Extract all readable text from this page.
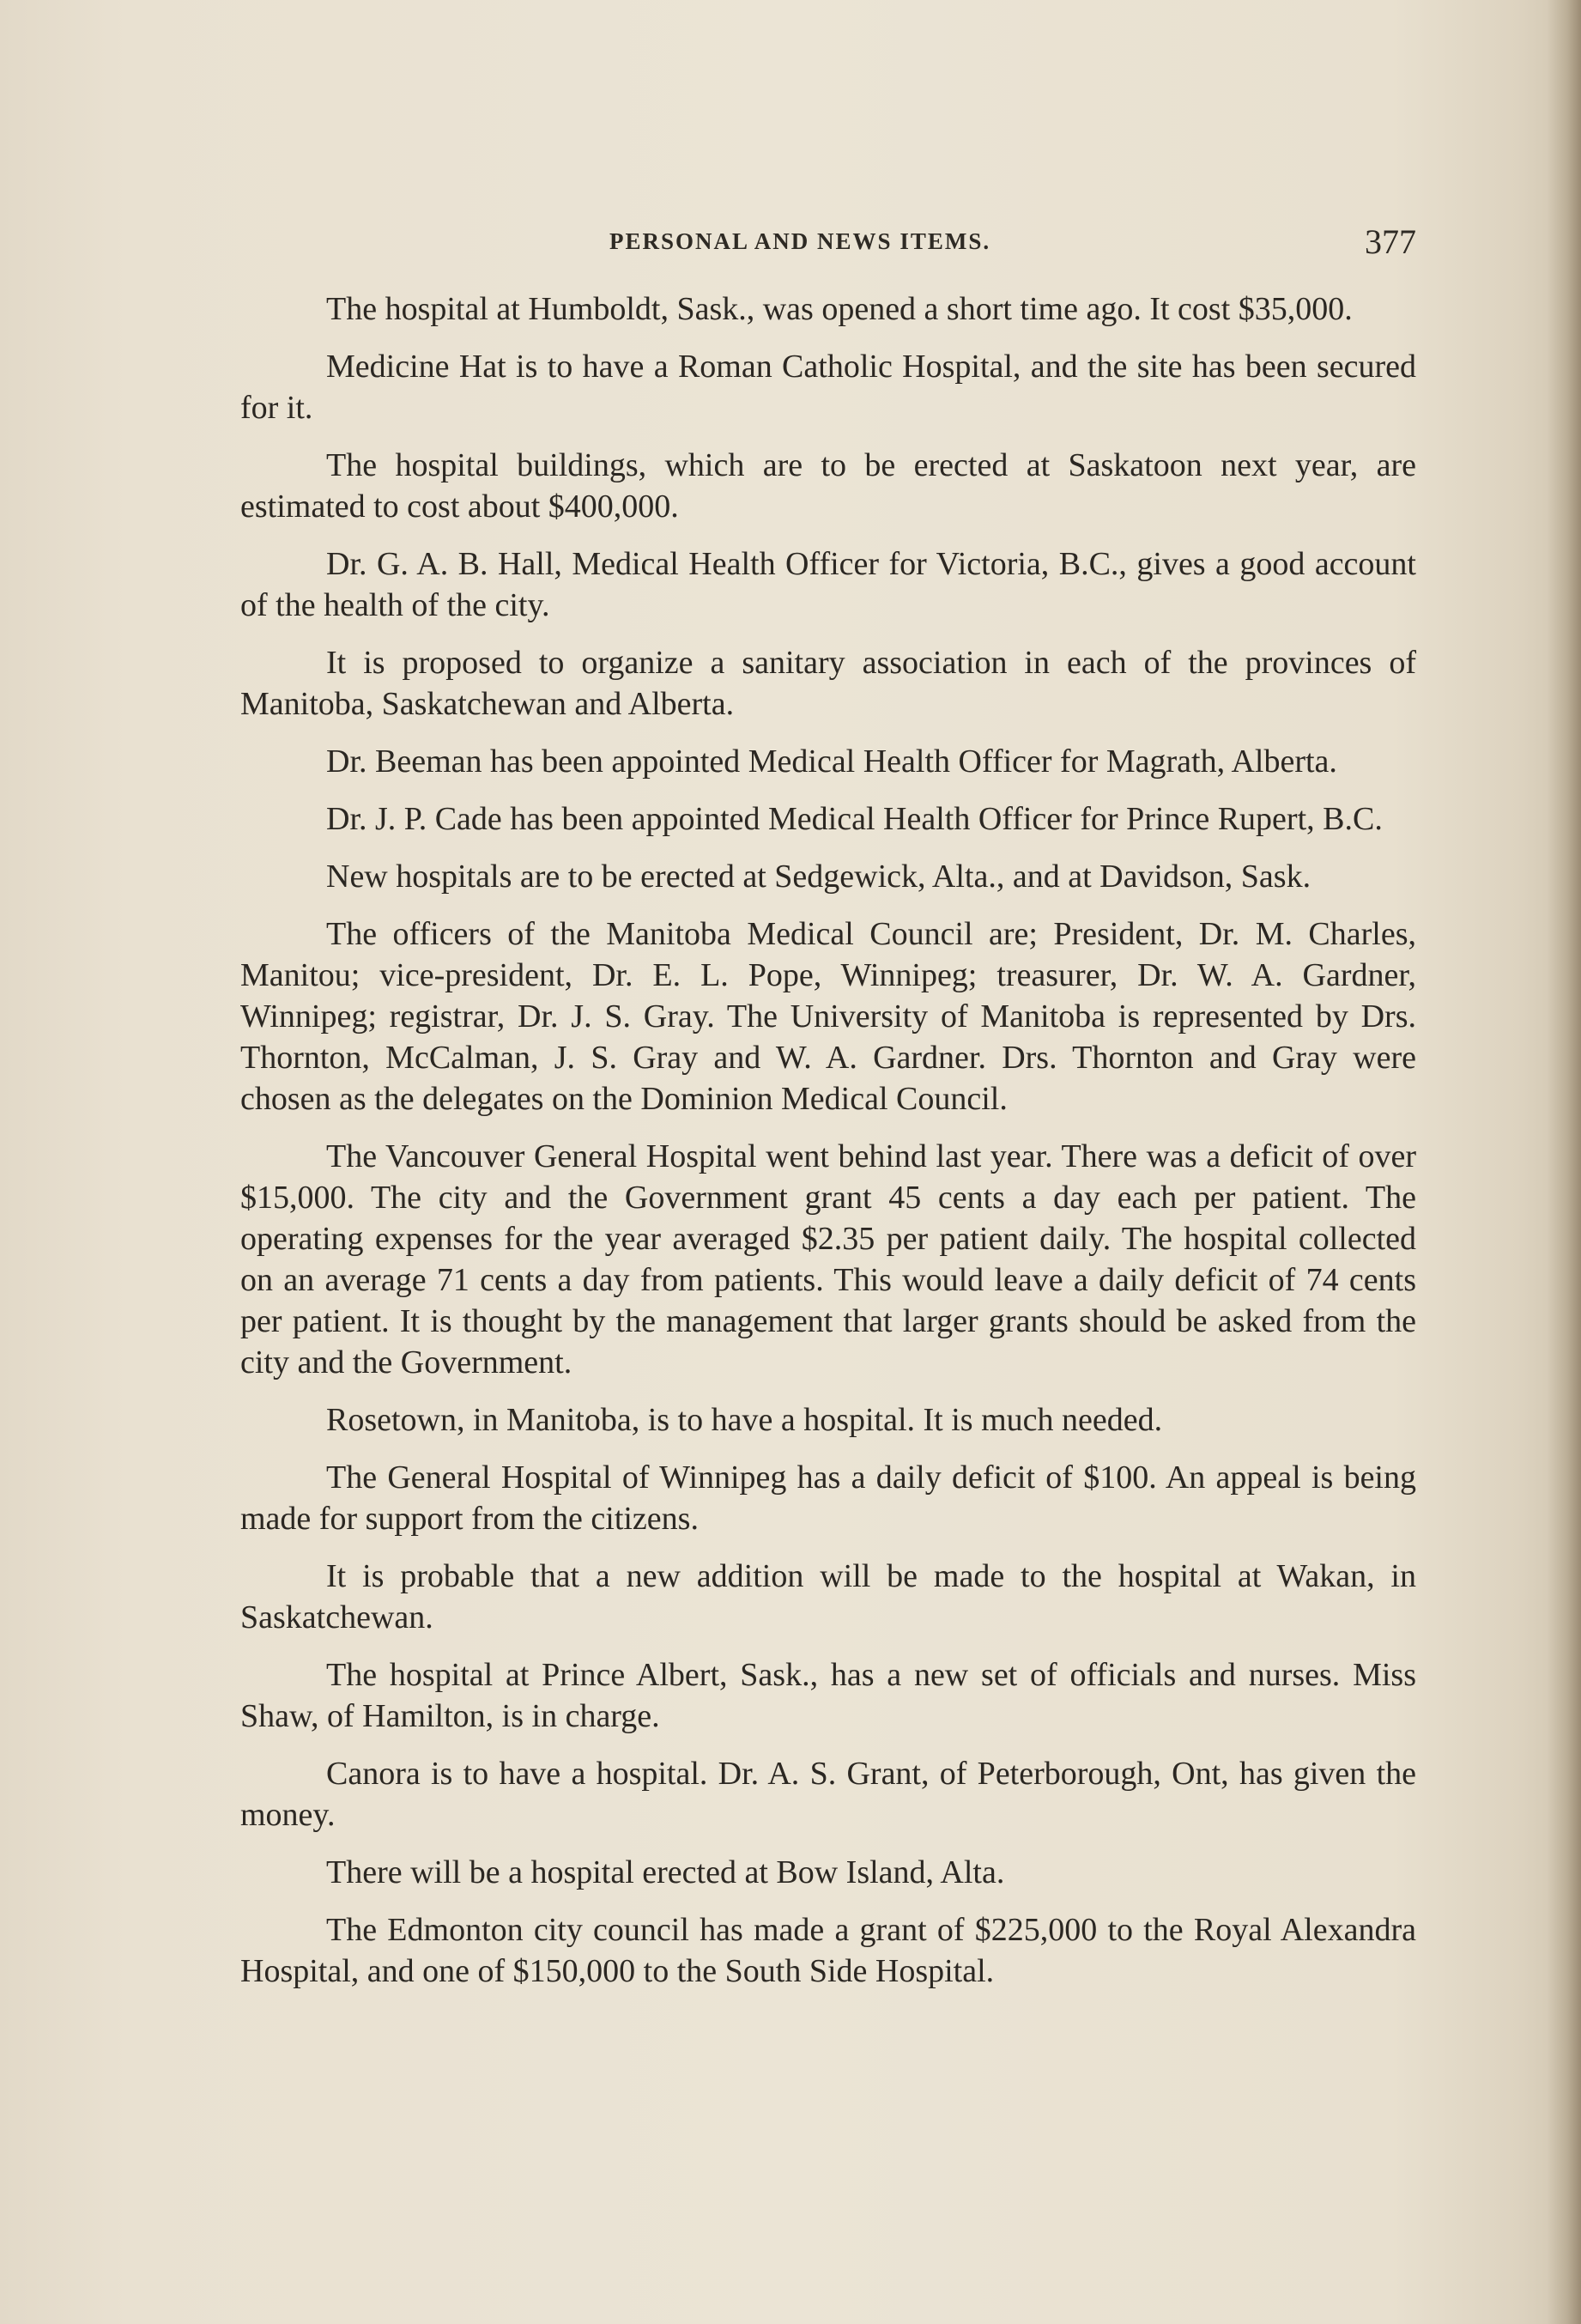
PERSONAL AND NEWS ITEMS.	377

The hospital at Humboldt, Sask., was opened a short time ago. It cost $35,000.

Medicine Hat is to have a Roman Catholic Hospital, and the site has been secured for it.

The hospital buildings, which are to be erected at Saskatoon next year, are estimated to cost about $400,000.

Dr. G. A. B. Hall, Medical Health Officer for Victoria, B.C., gives a good account of the health of the city.

It is proposed to organize a sanitary association in each of the provinces of Manitoba, Saskatchewan and Alberta.

Dr. Beeman has been appointed Medical Health Officer for Magrath, Alberta.

Dr. J. P. Cade has been appointed Medical Health Officer for Prince Rupert, B.C.

New hospitals are to be erected at Sedgewick, Alta., and at Davidson, Sask.

The officers of the Manitoba Medical Council are; President, Dr. M. Charles, Manitou; vice-president, Dr. E. L. Pope, Winnipeg; treasurer, Dr. W. A. Gardner, Winnipeg; registrar, Dr. J. S. Gray. The University of Manitoba is represented by Drs. Thornton, McCalman, J. S. Gray and W. A. Gardner. Drs. Thornton and Gray were chosen as the delegates on the Dominion Medical Council.

The Vancouver General Hospital went behind last year. There was a deficit of over $15,000. The city and the Government grant 45 cents a day each per patient. The operating expenses for the year averaged $2.35 per patient daily. The hospital collected on an average 71 cents a day from patients. This would leave a daily deficit of 74 cents per patient. It is thought by the management that larger grants should be asked from the city and the Government.

Rosetown, in Manitoba, is to have a hospital. It is much needed.

The General Hospital of Winnipeg has a daily deficit of $100. An appeal is being made for support from the citizens.

It is probable that a new addition will be made to the hospital at Wakan, in Saskatchewan.

The hospital at Prince Albert, Sask., has a new set of officials and nurses. Miss Shaw, of Hamilton, is in charge.

Canora is to have a hospital. Dr. A. S. Grant, of Peterborough, Ont, has given the money.

There will be a hospital erected at Bow Island, Alta.

The Edmonton city council has made a grant of $225,000 to the Royal Alexandra Hospital, and one of $150,000 to the South Side Hospital.
